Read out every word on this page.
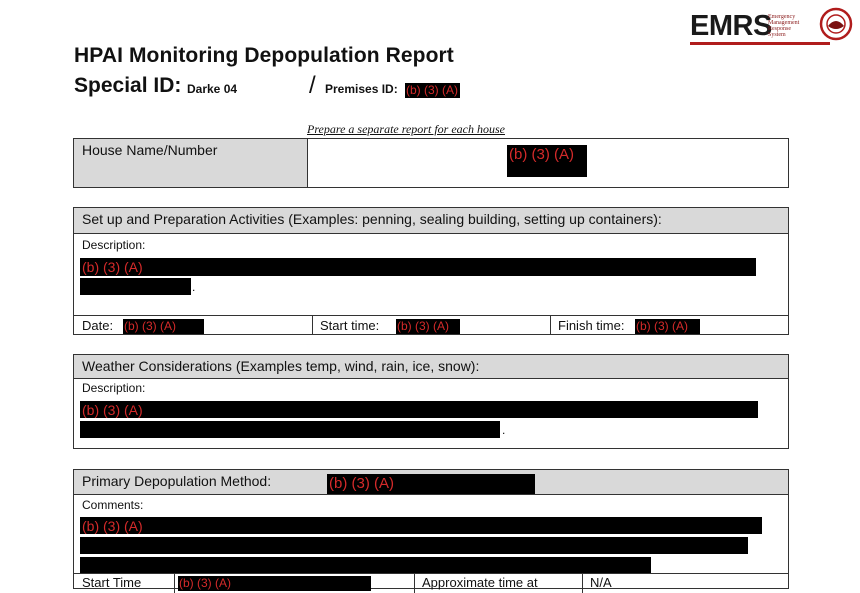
EMRS
Emergency
Management
Response
System
HPAI Monitoring Depopulation Report
Special ID: Darke 04	/ Premises ID: (b) (3) (A)
Prepare a separate report for each house
House Name/Number	(b) (3) (A)
Set up and Preparation Activities (Examples: penning, sealing building, setting up containers):
Description:
(b) (3) (A)
.
Date: (b) (3) (A)	Start time: (b) (3) (A)	Finish time: (b) (3) (A)
Weather Considerations (Examples temp, wind, rain, ice, snow):
Description:
(b) (3) (A)
.
Primary Depopulation Method:	(b) (3) (A)
Comments:
(b) (3) (A)
Start Time	(b) (3) (A)	Approximate time at	N/A
